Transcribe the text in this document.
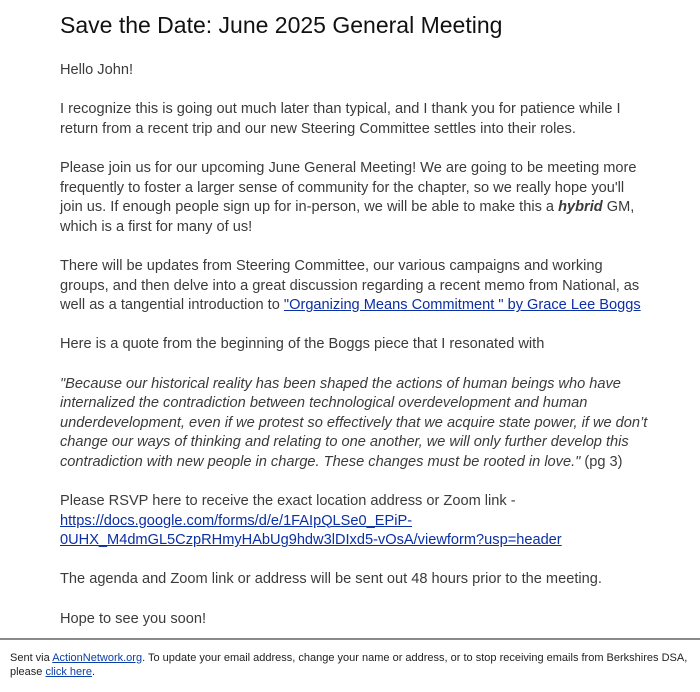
Save the Date: June 2025 General Meeting

Hello John!

I recognize this is going out much later than typical, and I thank you for patience while I return from a recent trip and our new Steering Committee settles into their roles.

Please join us for our upcoming June General Meeting! We are going to be meeting more frequently to foster a larger sense of community for the chapter, so we really hope you'll join us. If enough people sign up for in-person, we will be able to make this a hybrid GM, which is a first for many of us!

There will be updates from Steering Committee, our various campaigns and working groups, and then delve into a great discussion regarding a recent memo from National, as well as a tangential introduction to "Organizing Means Commitment " by Grace Lee Boggs

Here is a quote from the beginning of the Boggs piece that I resonated with

"Because our historical reality has been shaped the actions of human beings who have internalized the contradiction between technological overdevelopment and human underdevelopment, even if we protest so effectively that we acquire state power, if we don’t change our ways of thinking and relating to one another, we will only further develop this contradiction with new people in charge. These changes must be rooted in love." (pg 3)

Please RSVP here to receive the exact location address or Zoom link -
https://docs.google.com/forms/d/e/1FAIpQLSe0_EPiP-0UHX_M4dmGL5CzpRHmyHAbUg9hdw3lDIxd5-vOsA/viewform?usp=header

The agenda and Zoom link or address will be sent out 48 hours prior to the meeting.

Hope to see you soon!

Sent via ActionNetwork.org. To update your email address, change your name or address, or to stop receiving emails from Berkshires DSA, please click here.
